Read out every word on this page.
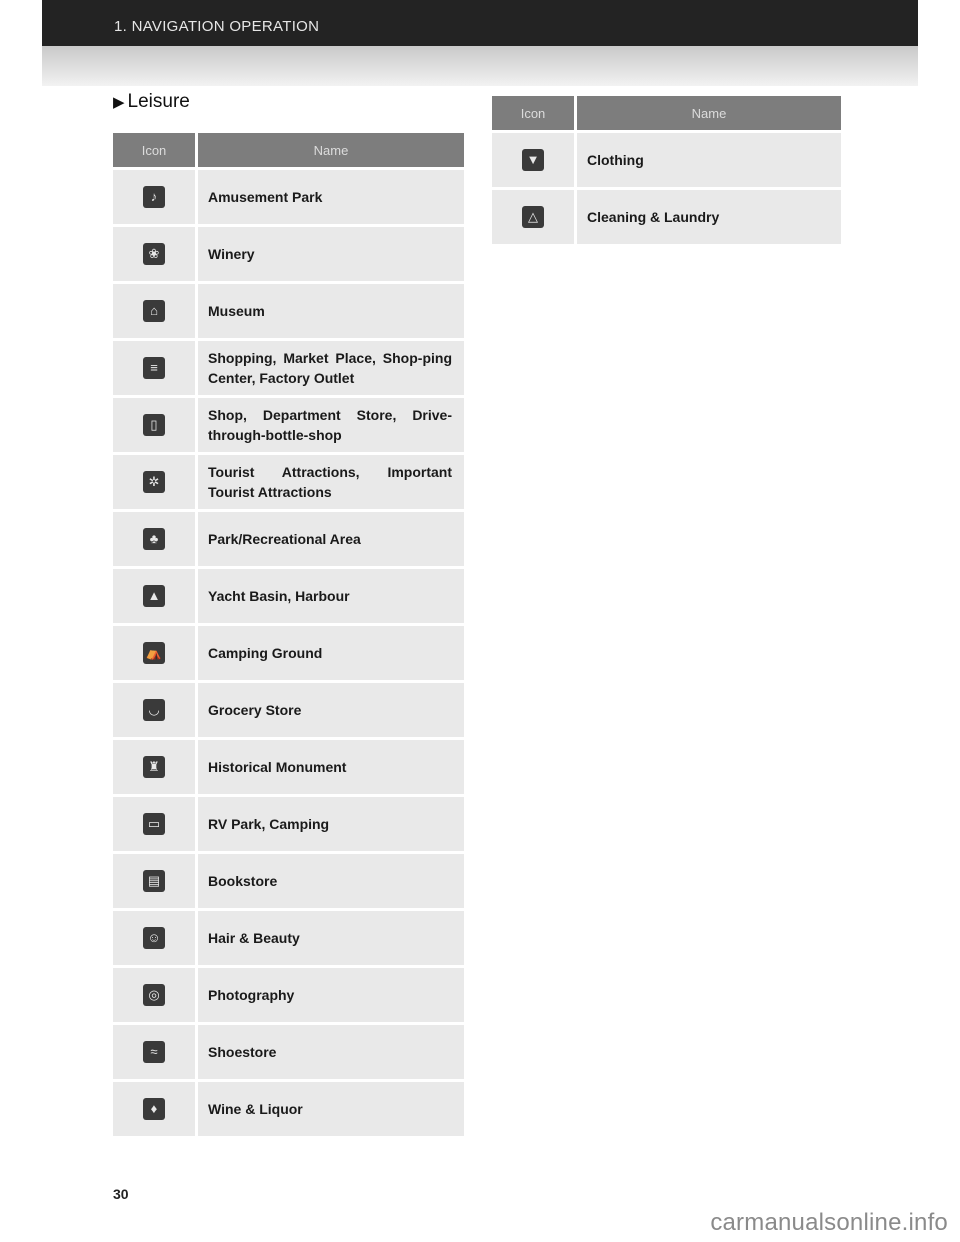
1. NAVIGATION OPERATION
▶ Leisure
Icon	Name
♪	Amusement Park
❀	Winery
⌂	Museum
≡	Shopping, Market Place, Shop-ping Center, Factory Outlet
▯	Shop, Department Store, Drive-through-bottle-shop
✲	Tourist Attractions, Important Tourist Attractions
♣	Park/Recreational Area
▲	Yacht Basin, Harbour
⛺	Camping Ground
◡	Grocery Store
♜	Historical Monument
▭	RV Park, Camping
▤	Bookstore
☺	Hair & Beauty
◎	Photography
≈	Shoestore
♦	Wine & Liquor
Icon	Name
▼	Clothing
△	Cleaning & Laundry
30
carmanualsonline.info
